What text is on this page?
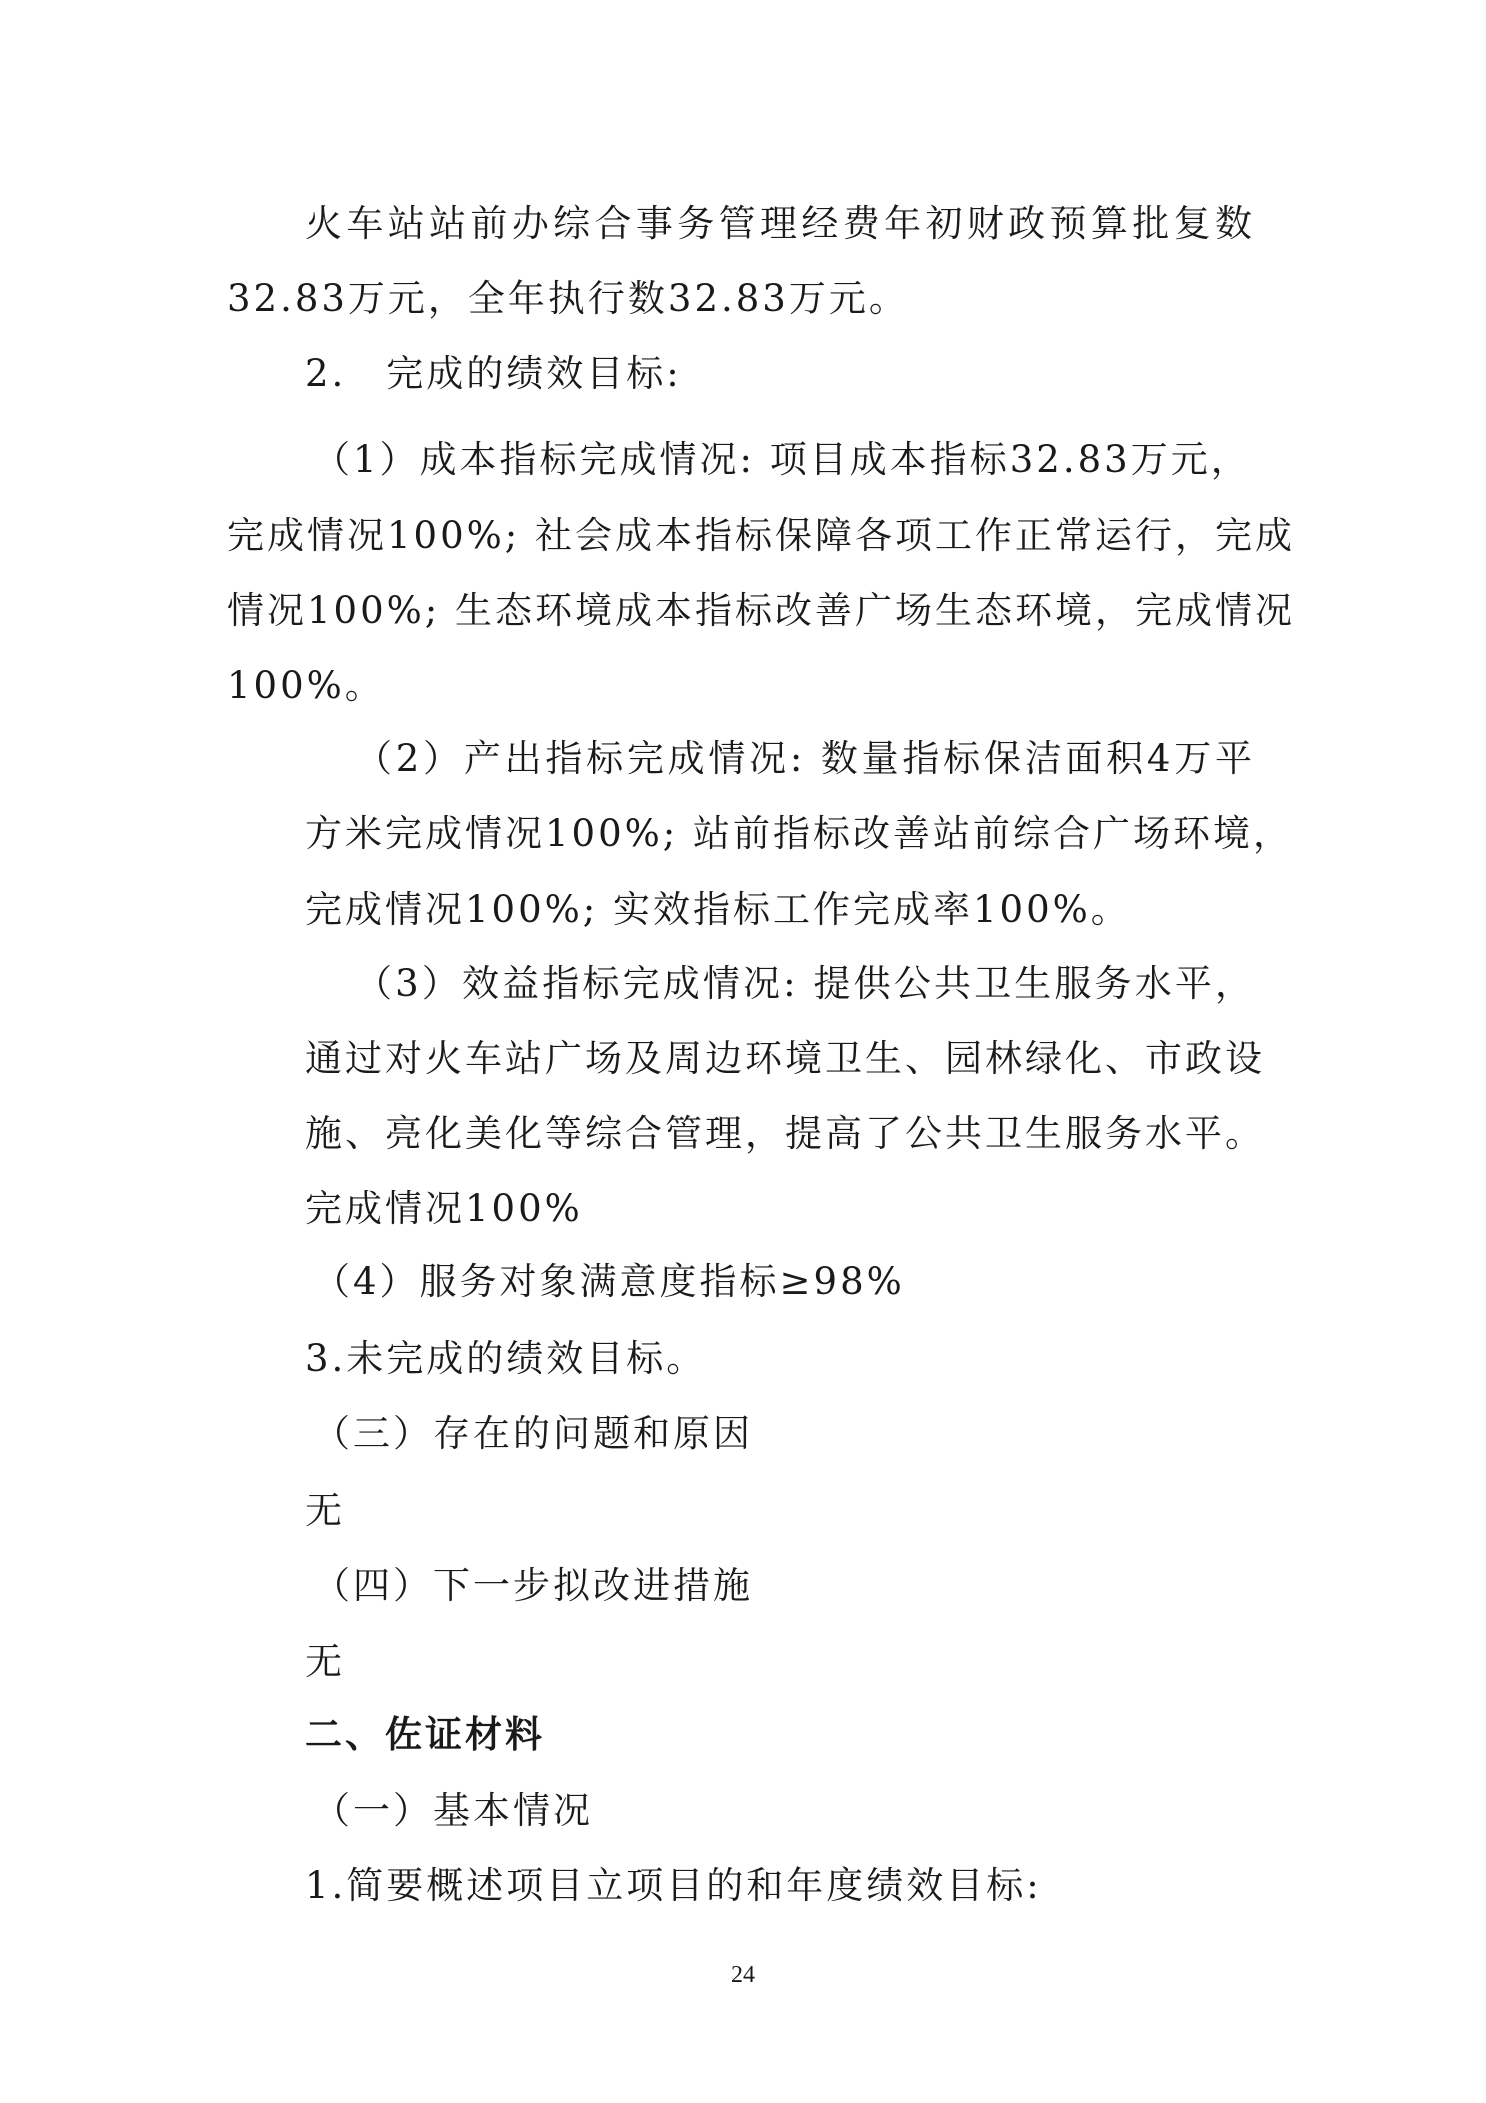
火车站站前办综合事务管理经费年初财政预算批复数

32.83万元，全年执行数32.83万元。

2.　完成的绩效目标:

（1）成本指标完成情况: 项目成本指标32.83万元，

完成情况100%; 社会成本指标保障各项工作正常运行，完成

情况100%; 生态环境成本指标改善广场生态环境，完成情况

100%。

（2）产出指标完成情况: 数量指标保洁面积4万平

方米完成情况100%; 站前指标改善站前综合广场环境，

完成情况100%; 实效指标工作完成率100%。

（3）效益指标完成情况: 提供公共卫生服务水平，

通过对火车站广场及周边环境卫生、园林绿化、市政设

施、亮化美化等综合管理，提高了公共卫生服务水平。

完成情况100%

（4）服务对象满意度指标≥98%

3.未完成的绩效目标。

（三）存在的问题和原因

无

（四）下一步拟改进措施

无

二、佐证材料

（一）基本情况

1.简要概述项目立项目的和年度绩效目标:

24
